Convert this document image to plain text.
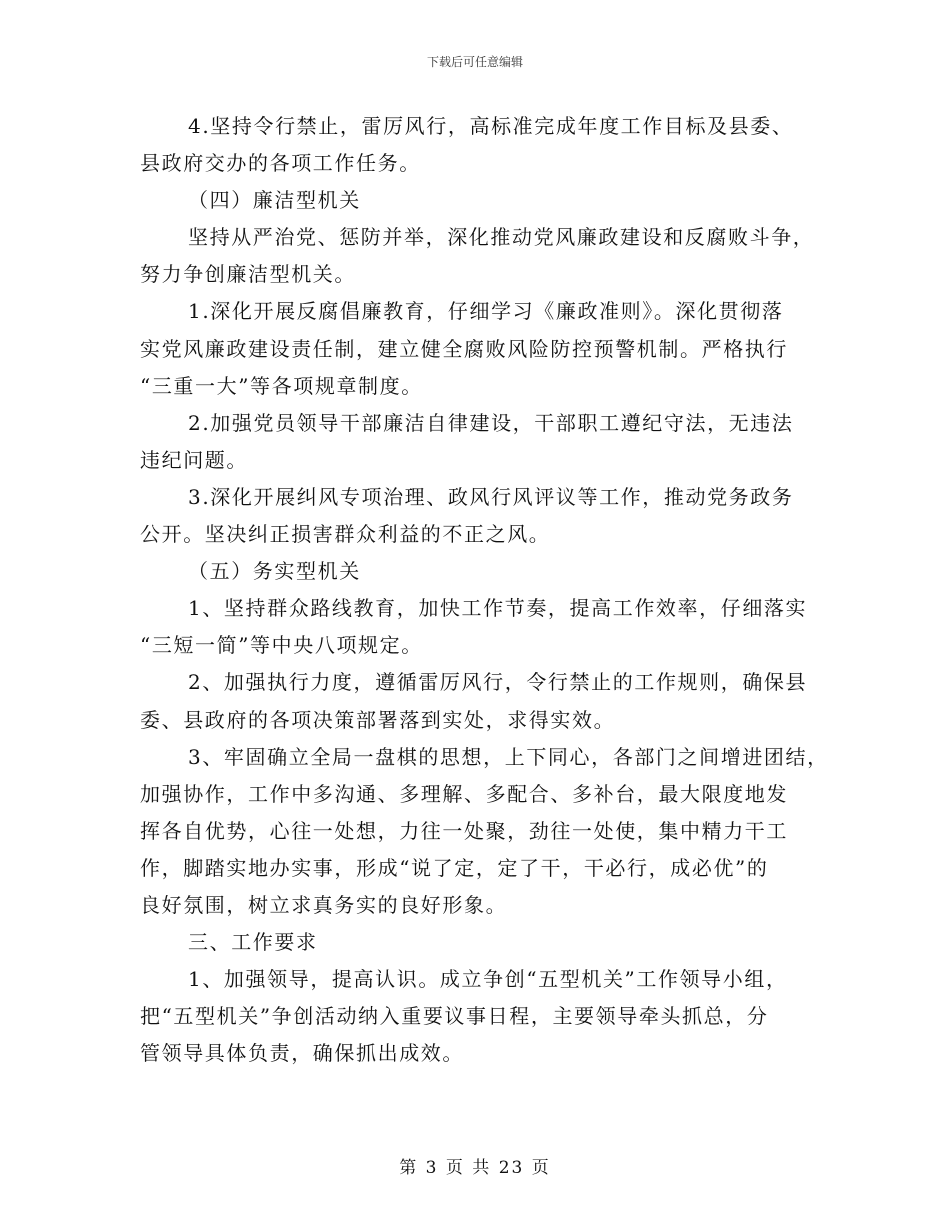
下载后可任意编辑
4.坚持令行禁止，雷厉风行，高标准完成年度工作目标及县委、
县政府交办的各项工作任务。
（四）廉洁型机关
坚持从严治党、惩防并举，深化推动党风廉政建设和反腐败斗争，
努力争创廉洁型机关。
1.深化开展反腐倡廉教育，仔细学习《廉政准则》。深化贯彻落
实党风廉政建设责任制，建立健全腐败风险防控预警机制。严格执行
“三重一大”等各项规章制度。
2.加强党员领导干部廉洁自律建设，干部职工遵纪守法，无违法
违纪问题。
3.深化开展纠风专项治理、政风行风评议等工作，推动党务政务
公开。坚决纠正损害群众利益的不正之风。
（五）务实型机关
1、坚持群众路线教育，加快工作节奏，提高工作效率，仔细落实
“三短一简”等中央八项规定。
2、加强执行力度，遵循雷厉风行，令行禁止的工作规则，确保县
委、县政府的各项决策部署落到实处，求得实效。
3、牢固确立全局一盘棋的思想，上下同心，各部门之间增进团结，
加强协作，工作中多沟通、多理解、多配合、多补台，最大限度地发
挥各自优势，心往一处想，力往一处聚，劲往一处使，集中精力干工
作，脚踏实地办实事，形成“说了定，定了干，干必行，成必优”的
良好氛围，树立求真务实的良好形象。
三、工作要求
1、加强领导，提高认识。成立争创“五型机关”工作领导小组，
把“五型机关”争创活动纳入重要议事日程，主要领导牵头抓总，分
管领导具体负责，确保抓出成效。
第 3 页 共 23 页
